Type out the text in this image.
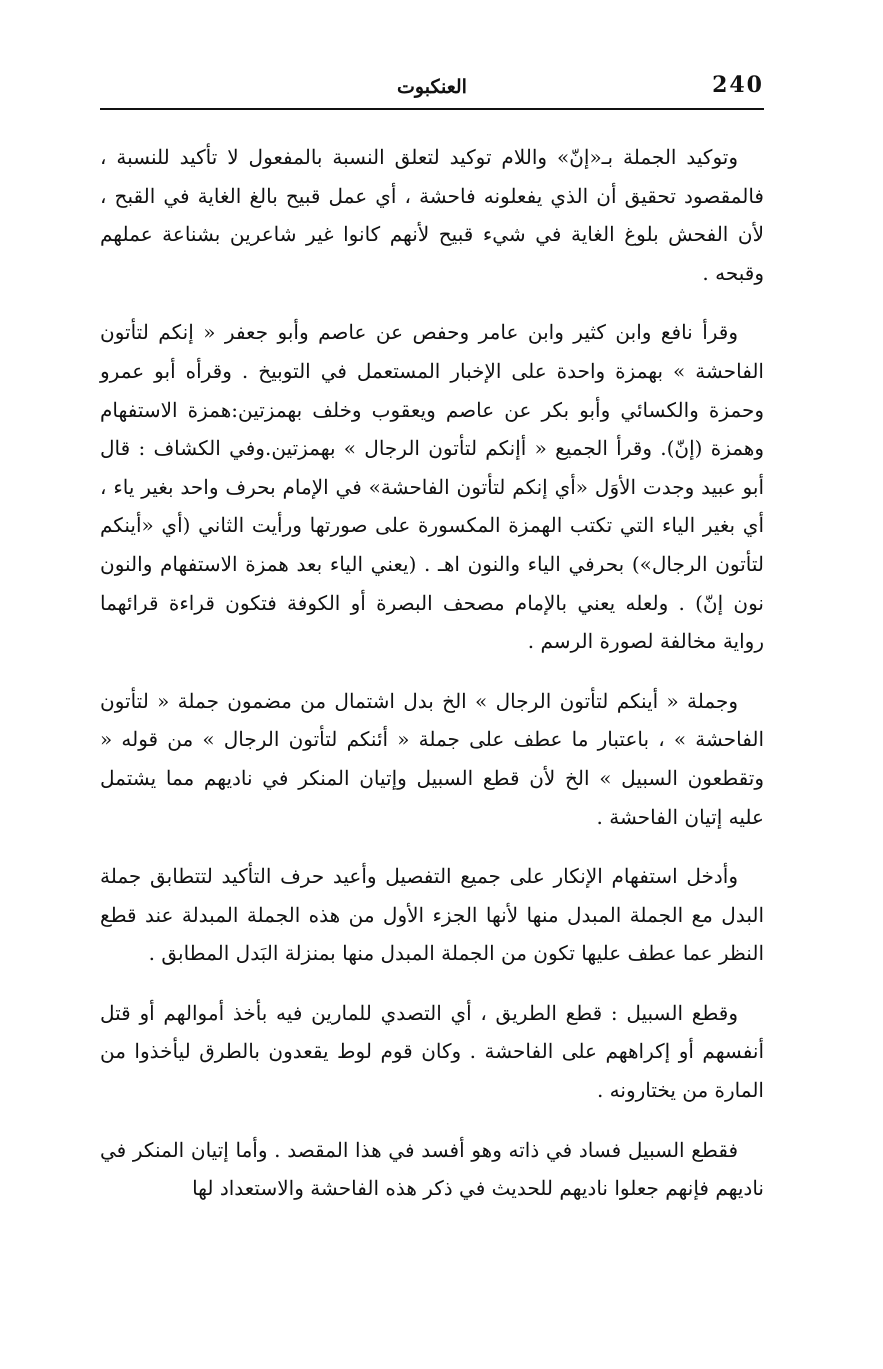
240
العنكبوت

وتوكيد الجملة بـ«إنّ» واللام توكيد لتعلق النسبة بالمفعول لا تأكيد للنسبة ، فالمقصود تحقيق أن الذي يفعلونه فاحشة ، أي عمل قبيح بالغ الغاية في القبح ، لأن الفحش بلوغ الغاية في شيء قبيح لأنهم كانوا غير شاعرين بشناعة عملهم وقبحه .

وقرأ نافع وابن كثير وابن عامر وحفص عن عاصم وأبو جعفر « إنكم لتأتون الفاحشة » بهمزة واحدة على الإخبار المستعمل في التوبيخ . وقرأه أبو عمرو وحمزة والكسائي وأبو بكر عن عاصم ويعقوب وخلف بهمزتين:همزة الاستفهام وهمزة (إنّ). وقرأ الجميع « أإنكم لتأتون الرجال » بهمزتين.وفي الكشاف : قال أبو عبيد وجدت الأوَل «أي إنكم لتأتون الفاحشة» في الإمام بحرف واحد بغير ياء ، أي بغير الياء التي تكتب الهمزة المكسورة على صورتها ورأيت الثاني (أي «أينكم لتأتون الرجال») بحرفي الياء والنون اهـ . (يعني الياء بعد همزة الاستفهام والنون نون إنّ) . ولعله يعني بالإمام مصحف البصرة أو الكوفة فتكون قراءة قرائهما رواية مخالفة لصورة الرسم .

وجملة « أينكم لتأتون الرجال » الخ بدل اشتمال من مضمون جملة « لتأتون الفاحشة » ، باعتبار ما عطف على جملة « أئنكم لتأتون الرجال » من قوله « وتقطعون السبيل » الخ لأن قطع السبيل وإتيان المنكر في ناديهم مما يشتمل عليه إتيان الفاحشة .

وأدخل استفهام الإنكار على جميع التفصيل وأعيد حرف التأكيد لتتطابق جملة البدل مع الجملة المبدل منها لأنها الجزء الأول من هذه الجملة المبدلة عند قطع النظر عما عطف عليها تكون من الجملة المبدل منها بمنزلة البَدل المطابق .

وقطع السبيل : قطع الطريق ، أي التصدي للمارين فيه بأخذ أموالهم أو قتل أنفسهم أو إكراههم على الفاحشة . وكان قوم لوط يقعدون بالطرق ليأخذوا من المارة من يختارونه .

فقطع السبيل فساد في ذاته وهو أفسد في هذا المقصد . وأما إتيان المنكر في ناديهم فإنهم جعلوا ناديهم للحديث في ذكر هذه الفاحشة والاستعداد لها
